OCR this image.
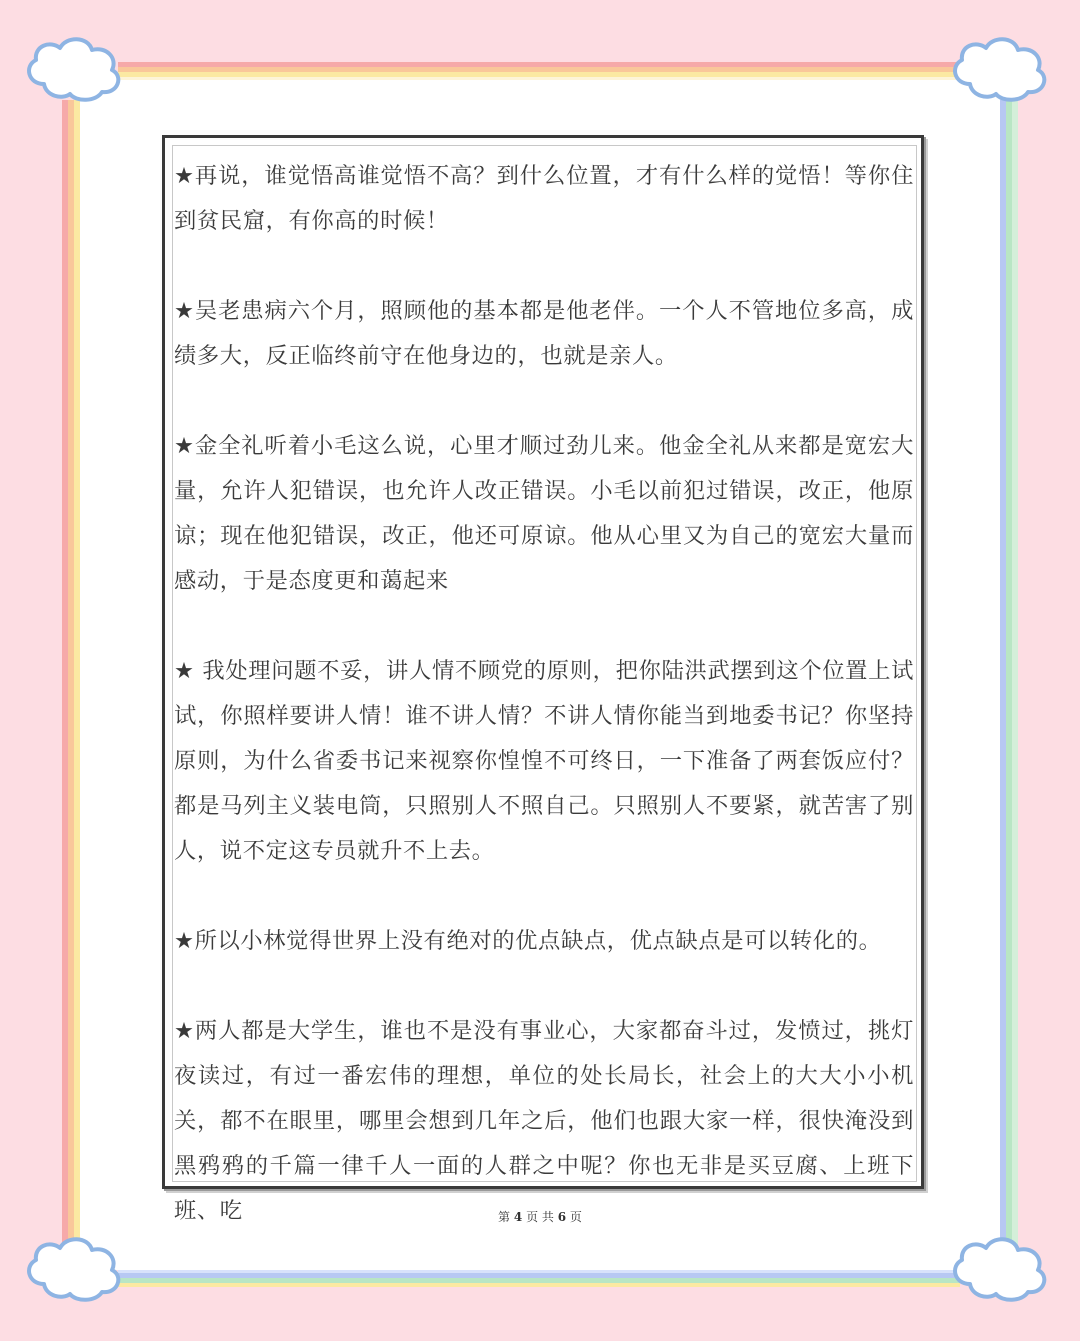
★再说，谁觉悟高谁觉悟不高？到什么位置，才有什么样的觉悟！等你住到贫民窟，有你高的时候！

★吴老患病六个月，照顾他的基本都是他老伴。一个人不管地位多高，成绩多大，反正临终前守在他身边的，也就是亲人。

★金全礼听着小毛这么说，心里才顺过劲儿来。他金全礼从来都是宽宏大量，允许人犯错误，也允许人改正错误。小毛以前犯过错误，改正，他原谅；现在他犯错误，改正，他还可原谅。他从心里又为自己的宽宏大量而感动，于是态度更和蔼起来

★ 我处理问题不妥，讲人情不顾党的原则，把你陆洪武摆到这个位置上试试，你照样要讲人情！谁不讲人情？不讲人情你能当到地委书记？你坚持原则，为什么省委书记来视察你惶惶不可终日，一下准备了两套饭应付？都是马列主义装电筒，只照别人不照自己。只照别人不要紧，就苦害了别人，说不定这专员就升不上去。

★所以小林觉得世界上没有绝对的优点缺点，优点缺点是可以转化的。

★两人都是大学生，谁也不是没有事业心，大家都奋斗过，发愤过，挑灯夜读过，有过一番宏伟的理想，单位的处长局长，社会上的大大小小机关，都不在眼里，哪里会想到几年之后，他们也跟大家一样，很快淹没到黑鸦鸦的千篇一律千人一面的人群之中呢？你也无非是买豆腐、上班下班、吃	第 4 页 共 6 页
